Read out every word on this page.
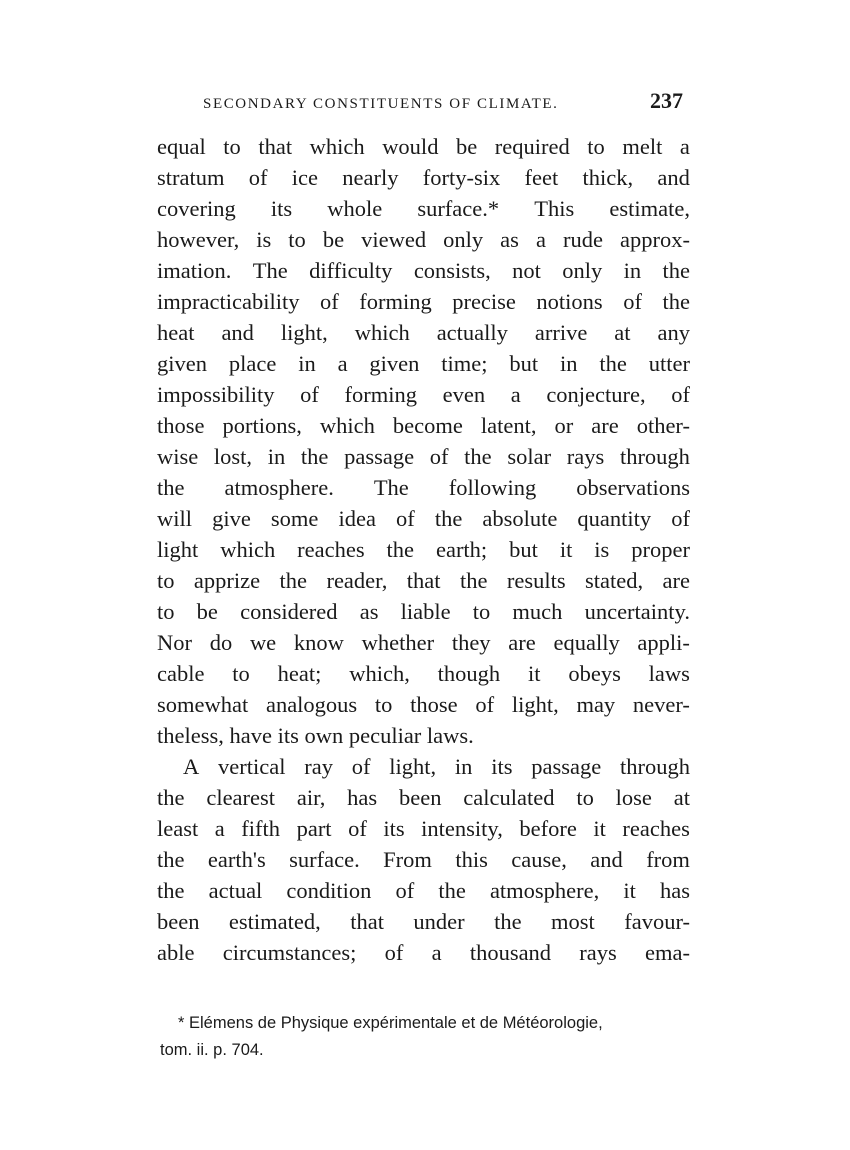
SECONDARY CONSTITUENTS OF CLIMATE.	237
equal to that which would be required to melt a
stratum of ice nearly forty-six feet thick, and
covering its whole surface.* This estimate,
however, is to be viewed only as a rude approx-
imation. The difficulty consists, not only in the
impracticability of forming precise notions of the
heat and light, which actually arrive at any
given place in a given time; but in the utter
impossibility of forming even a conjecture, of
those portions, which become latent, or are other-
wise lost, in the passage of the solar rays through
the atmosphere. The following observations
will give some idea of the absolute quantity of
light which reaches the earth; but it is proper
to apprize the reader, that the results stated, are
to be considered as liable to much uncertainty.
Nor do we know whether they are equally appli-
cable to heat; which, though it obeys laws
somewhat analogous to those of light, may never-
theless, have its own peculiar laws.
A vertical ray of light, in its passage through
the clearest air, has been calculated to lose at
least a fifth part of its intensity, before it reaches
the earth's surface. From this cause, and from
the actual condition of the atmosphere, it has
been estimated, that under the most favour-
able circumstances; of a thousand rays ema-
* Elémens de Physique expérimentale et de Météorologie,
tom. ii. p. 704.
